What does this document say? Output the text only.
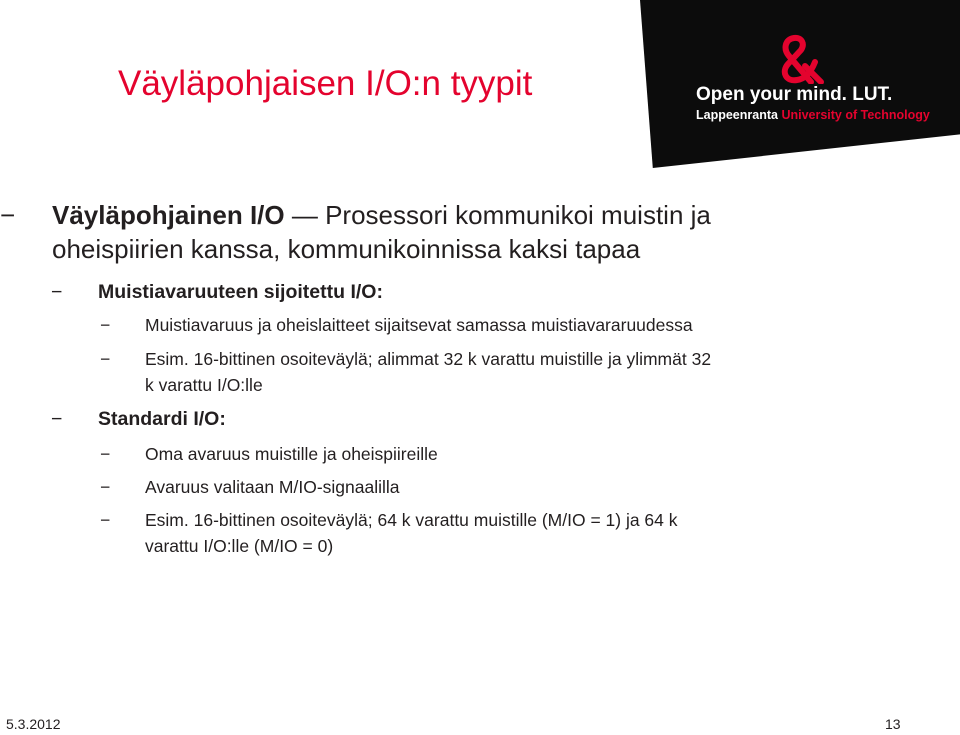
Väyläpohjaisen I/O:n tyypit	Open your mind. LUT.
Lappeenranta University of Technology
− Väyläpohjainen I/O — Prosessori kommunikoi muistin ja
oheispiirien kanssa, kommunikoinnissa kaksi tapaa
− Muistiavaruuteen sijoitettu I/O:
− Muistiavaruus ja oheislaitteet sijaitsevat samassa muistiavararuudessa
− Esim. 16-bittinen osoiteväylä; alimmat 32 k varattu muistille ja ylimmät 32
k varattu I/O:lle
− Standardi I/O:
− Oma avaruus muistille ja oheispiireille
− Avaruus valitaan M/IO-signaalilla
− Esim. 16-bittinen osoiteväylä; 64 k varattu muistille (M/IO = 1) ja 64 k
varattu I/O:lle (M/IO = 0)
5.3.2012	13
